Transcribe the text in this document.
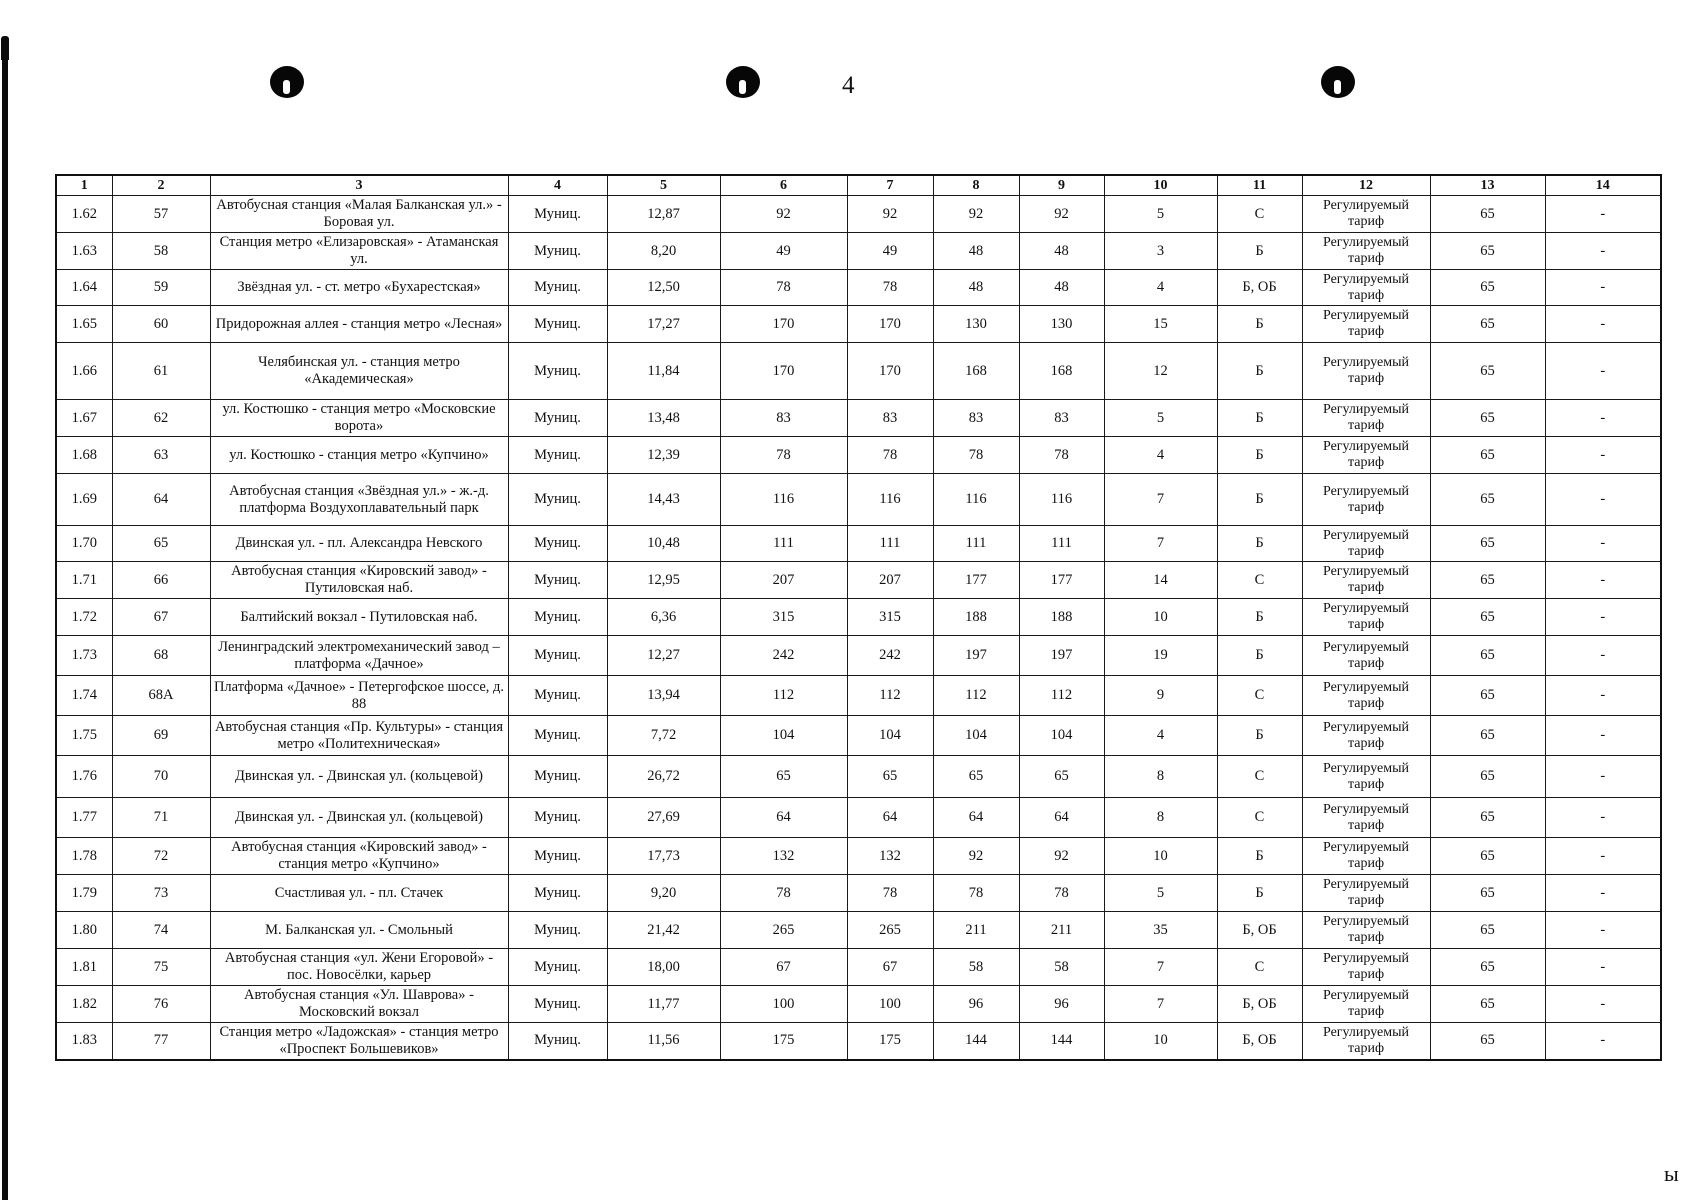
4
1	2	3	4	5	6	7	8	9	10	11	12	13	14
1.62	57	Автобусная станция «Малая Балканская ул.» - Боровая ул.	Муниц.	12,87	92	92	92	92	5	С	Регулируемый тариф	65	-
1.63	58	Станция метро «Елизаровская» - Атаманская ул.	Муниц.	8,20	49	49	48	48	3	Б	Регулируемый тариф	65	-
1.64	59	Звёздная ул. - ст. метро «Бухарестская»	Муниц.	12,50	78	78	48	48	4	Б, ОБ	Регулируемый тариф	65	-
1.65	60	Придорожная аллея - станция метро «Лесная»	Муниц.	17,27	170	170	130	130	15	Б	Регулируемый тариф	65	-
1.66	61	Челябинская ул. - станция метро «Академическая»	Муниц.	11,84	170	170	168	168	12	Б	Регулируемый тариф	65	-
1.67	62	ул. Костюшко - станция метро «Московские ворота»	Муниц.	13,48	83	83	83	83	5	Б	Регулируемый тариф	65	-
1.68	63	ул. Костюшко - станция метро «Купчино»	Муниц.	12,39	78	78	78	78	4	Б	Регулируемый тариф	65	-
1.69	64	Автобусная станция «Звёздная ул.» - ж.-д. платформа Воздухоплавательный парк	Муниц.	14,43	116	116	116	116	7	Б	Регулируемый тариф	65	-
1.70	65	Двинская ул. - пл. Александра Невского	Муниц.	10,48	111	111	111	111	7	Б	Регулируемый тариф	65	-
1.71	66	Автобусная станция «Кировский завод» - Путиловская наб.	Муниц.	12,95	207	207	177	177	14	С	Регулируемый тариф	65	-
1.72	67	Балтийский вокзал - Путиловская наб.	Муниц.	6,36	315	315	188	188	10	Б	Регулируемый тариф	65	-
1.73	68	Ленинградский электромеханический завод – платформа «Дачное»	Муниц.	12,27	242	242	197	197	19	Б	Регулируемый тариф	65	-
1.74	68А	Платформа «Дачное» - Петергофское шоссе, д. 88	Муниц.	13,94	112	112	112	112	9	С	Регулируемый тариф	65	-
1.75	69	Автобусная станция «Пр. Культуры» - станция метро «Политехническая»	Муниц.	7,72	104	104	104	104	4	Б	Регулируемый тариф	65	-
1.76	70	Двинская ул. - Двинская ул. (кольцевой)	Муниц.	26,72	65	65	65	65	8	С	Регулируемый тариф	65	-
1.77	71	Двинская ул. - Двинская ул. (кольцевой)	Муниц.	27,69	64	64	64	64	8	С	Регулируемый тариф	65	-
1.78	72	Автобусная станция «Кировский завод» - станция метро «Купчино»	Муниц.	17,73	132	132	92	92	10	Б	Регулируемый тариф	65	-
1.79	73	Счастливая ул. - пл. Стачек	Муниц.	9,20	78	78	78	78	5	Б	Регулируемый тариф	65	-
1.80	74	М. Балканская ул. - Смольный	Муниц.	21,42	265	265	211	211	35	Б, ОБ	Регулируемый тариф	65	-
1.81	75	Автобусная станция «ул. Жени Егоровой» - пос. Новосёлки, карьер	Муниц.	18,00	67	67	58	58	7	С	Регулируемый тариф	65	-
1.82	76	Автобусная станция «Ул. Шаврова» - Московский вокзал	Муниц.	11,77	100	100	96	96	7	Б, ОБ	Регулируемый тариф	65	-
1.83	77	Станция метро «Ладожская» - станция метро «Проспект Большевиков»	Муниц.	11,56	175	175	144	144	10	Б, ОБ	Регулируемый тариф	65	-
ы
